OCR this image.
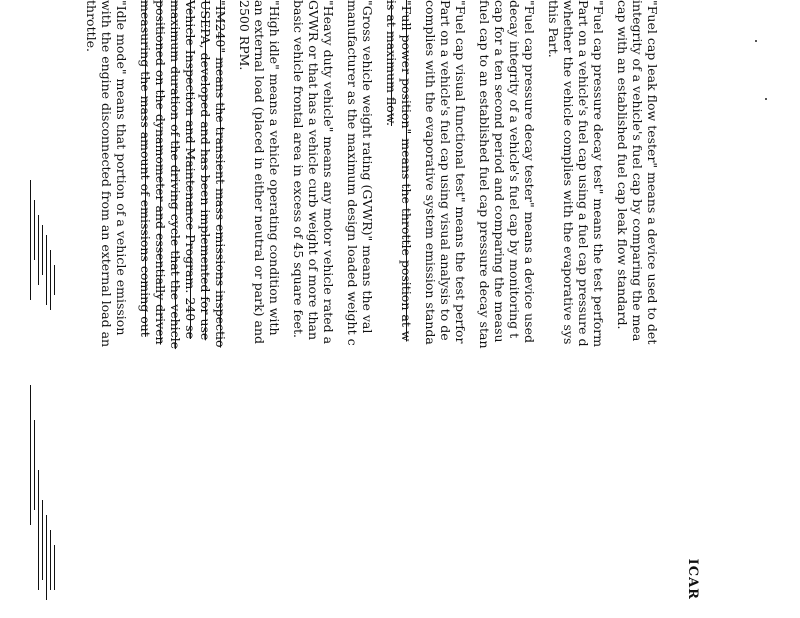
ICAR
"Fuel cap leak flow tester" means a device used to det
integrity of a vehicle's fuel cap by comparing the mea
cap with an established fuel cap leak flow standard.
"Fuel cap pressure decay test" means the test perform
Part on a vehicle's fuel cap using a fuel cap pressure d
whether the vehicle complies with the evaporative sys
this Part.
"Fuel cap pressure decay tester" means a device used
decay integrity of a vehicle's fuel cap by monitoring t
cap for a ten second period and comparing the measu
fuel cap to an established fuel cap pressure decay stan
"Fuel cap visual functional test" means the test perfor
Part on a vehicle's fuel cap using visual analysis to de
complies with the evaporative system emission standa
"Full power position" means the throttle position at w
is at maximum flow.
"Gross vehicle weight rating (GVWR)" means the val
manufacturer as the maximum design loaded weight c
"Heavy duty vehicle" means any motor vehicle rated a
GVWR or that has a vehicle curb weight of more than
basic vehicle frontal area in excess of 45 square feet.
"High idle" means a vehicle operating condition with
an external load (placed in either neutral or park) and
2500 RPM.
"IM240" means the transient mass emissions inspectio
USEPA, developed and has been implemented for use
Vehicle Inspection and Maintenance Program. 240 se
maximum duration of the driving cycle that the vehicle
positioned on the dynamometer and essentially driven
measuring the mass amount of emissions coming out
"Idle mode" means that portion of a vehicle emission
with the engine disconnected from an external load an
throttle.
